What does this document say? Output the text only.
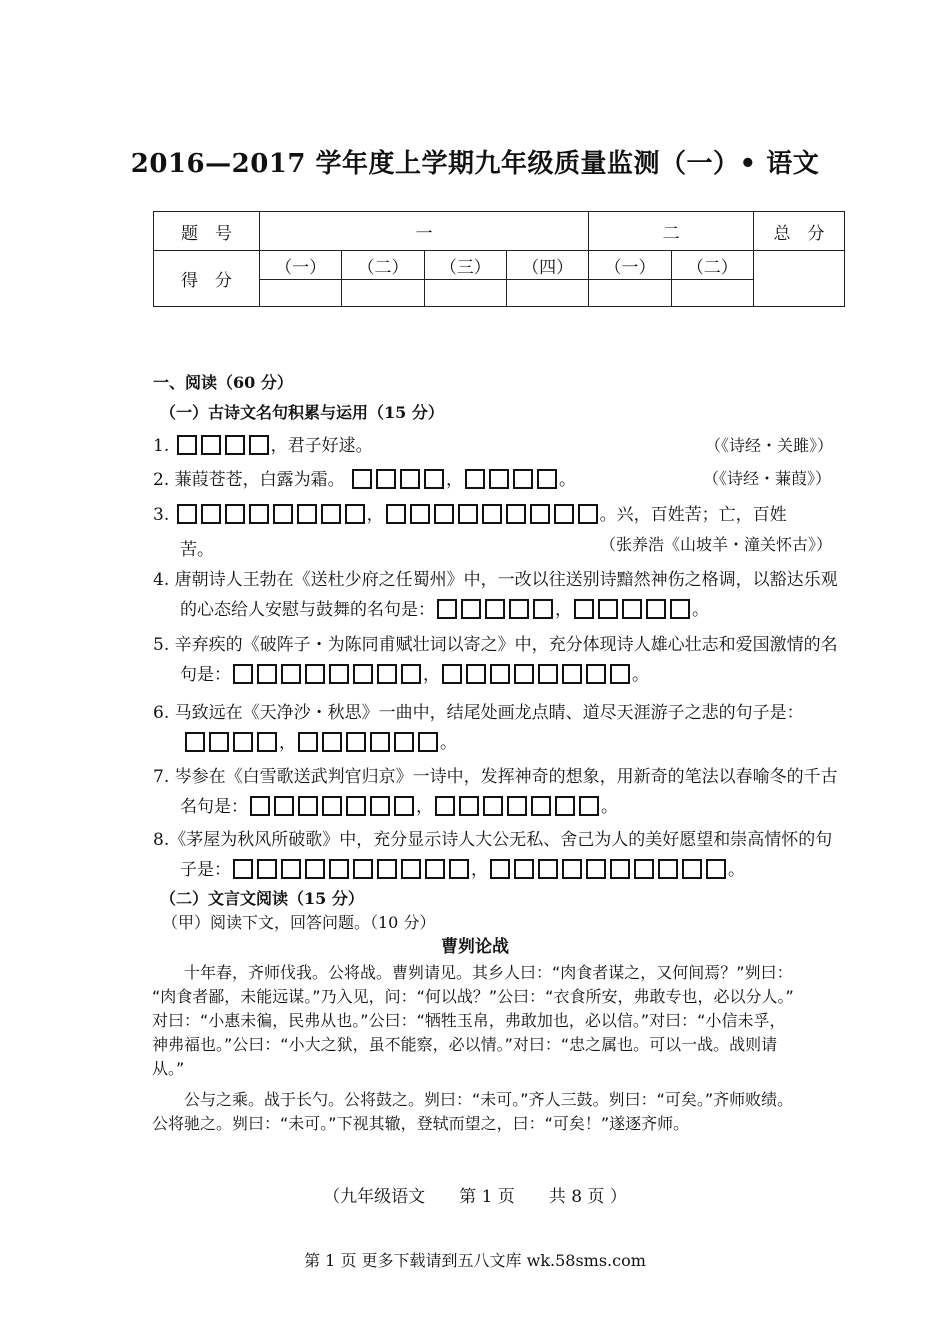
2016—2017 学年度上学期九年级质量监测（一）• 语文
题　号	一				二		总　分
得　分	（一）	（二）	（三）	（四）	（一）	（二）	

一、阅读（60 分）
（一）古诗文名句积累与运用（15 分）
1.	，君子好逑。	（《诗经・关雎》）
2. 蒹葭苍苍，白露为霜。	，	。	（《诗经・蒹葭》）
3.	，	。兴，百姓苦；亡，百姓
苦。	（张养浩《山坡羊・潼关怀古》）
4. 唐朝诗人王勃在《送杜少府之任蜀州》中，一改以往送别诗黯然神伤之格调，以豁达乐观
的心态给人安慰与鼓舞的名句是：	，	。
5. 辛弃疾的《破阵子・为陈同甫赋壮词以寄之》中，充分体现诗人雄心壮志和爱国激情的名
句是：	，	。
6. 马致远在《天净沙・秋思》一曲中，结尾处画龙点睛、道尽天涯游子之悲的句子是：
，	。
7. 岑参在《白雪歌送武判官归京》一诗中，发挥神奇的想象，用新奇的笔法以春喻冬的千古
名句是：	，	。
8.《茅屋为秋风所破歌》中，充分显示诗人大公无私、舍己为人的美好愿望和崇高情怀的句
子是：	，	。
（二）文言文阅读（15 分）
（甲）阅读下文，回答问题。（10 分）
曹刿论战
　　十年春，齐师伐我。公将战。曹刿请见。其乡人曰：“肉食者谋之，又何间焉？”刿曰：
“肉食者鄙，未能远谋。”乃入见，问：“何以战？”公曰：“衣食所安，弗敢专也，必以分人。”
对曰：“小惠未徧，民弗从也。”公曰：“牺牲玉帛，弗敢加也，必以信。”对曰：“小信未孚，
神弗福也。”公曰：“小大之狱，虽不能察，必以情。”对曰：“忠之属也。可以一战。战则请
从。”
　　公与之乘。战于长勺。公将鼓之。刿曰：“未可。”齐人三鼓。刿曰：“可矣。”齐师败绩。
公将驰之。刿曰：“未可。”下视其辙，登轼而望之，曰：“可矣！”遂逐齐师。
（九年级语文　　第 1 页　　共 8 页 ）
第 1 页 更多下载请到五八文库 wk.58sms.com
